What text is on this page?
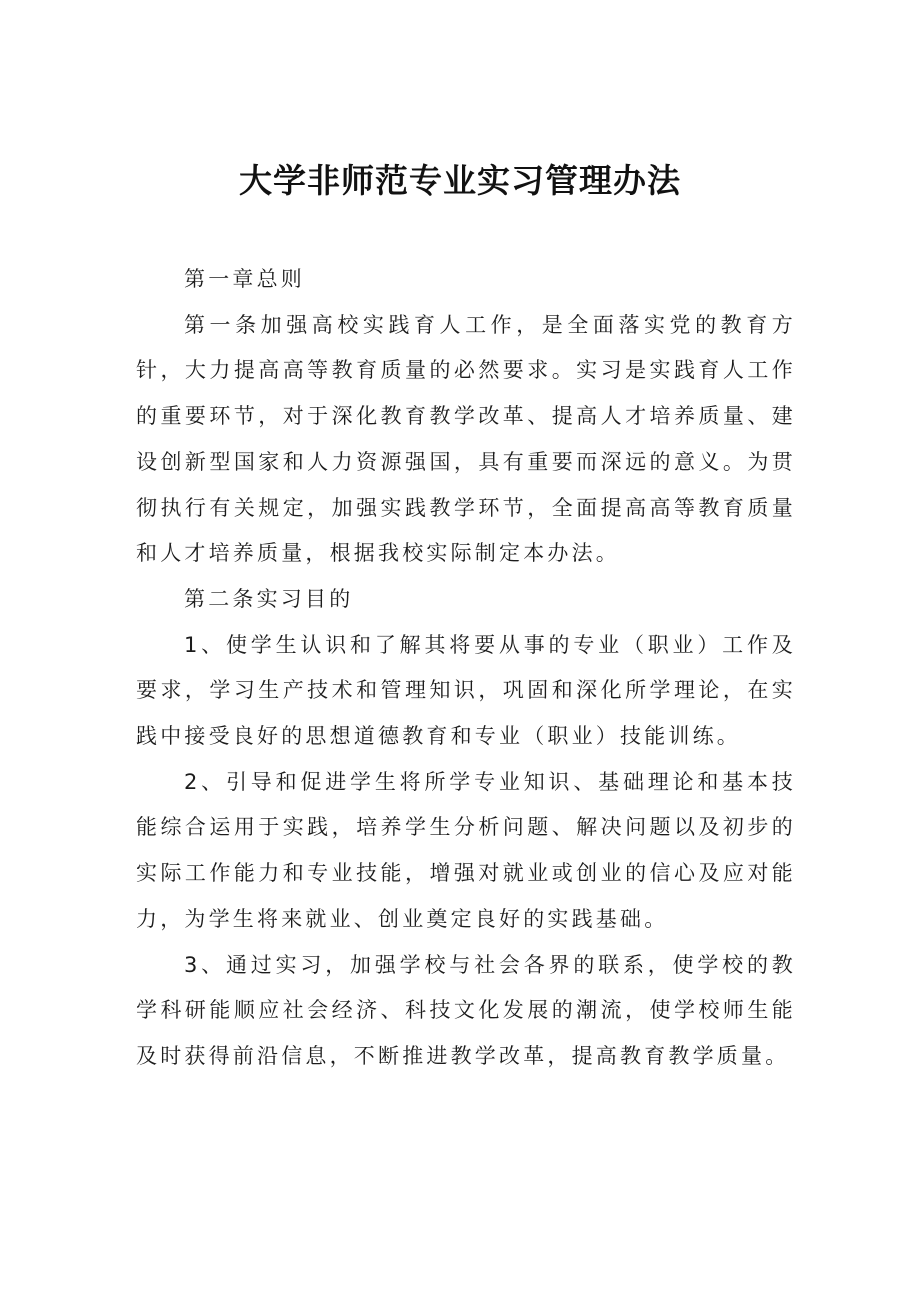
大学非师范专业实习管理办法

第一章总则

第一条加强高校实践育人工作，是全面落实党的教育方针，大力提高高等教育质量的必然要求。实习是实践育人工作的重要环节，对于深化教育教学改革、提高人才培养质量、建设创新型国家和人力资源强国，具有重要而深远的意义。为贯彻执行有关规定，加强实践教学环节，全面提高高等教育质量和人才培养质量，根据我校实际制定本办法。

第二条实习目的

1、使学生认识和了解其将要从事的专业（职业）工作及要求，学习生产技术和管理知识，巩固和深化所学理论，在实践中接受良好的思想道德教育和专业（职业）技能训练。

2、引导和促进学生将所学专业知识、基础理论和基本技能综合运用于实践，培养学生分析问题、解决问题以及初步的实际工作能力和专业技能，增强对就业或创业的信心及应对能力，为学生将来就业、创业奠定良好的实践基础。

3、通过实习，加强学校与社会各界的联系，使学校的教学科研能顺应社会经济、科技文化发展的潮流，使学校师生能及时获得前沿信息，不断推进教学改革，提高教育教学质量。
